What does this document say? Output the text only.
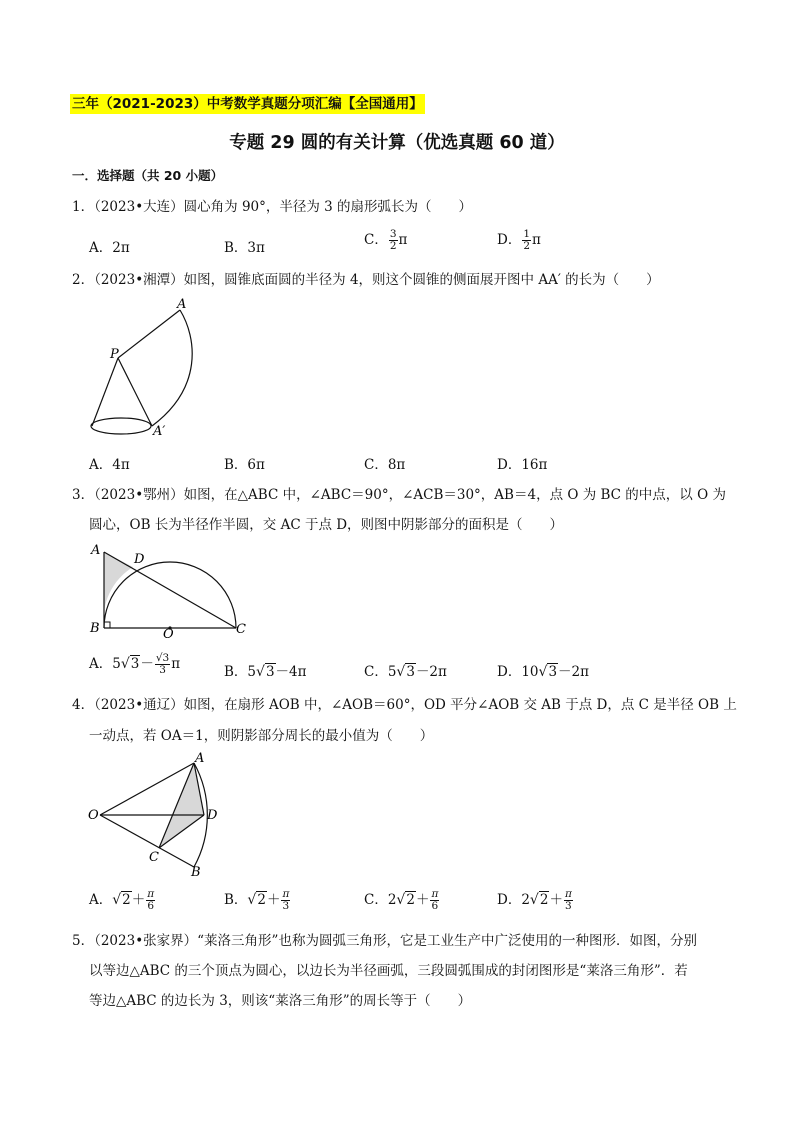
三年（2021-2023）中考数学真题分项汇编【全国通用】
专题 29 圆的有关计算（优选真题 60 道）
一．选择题（共 20 小题）
1．（2023•大连）圆心角为 90°，半径为 3 的扇形弧长为（　　）
A．2π	B．3π	C． $\frac{3}{2}$ π	D． $\frac{1}{2}$ π
2．（2023•湘潭）如图，圆锥底面圆的半径为 4，则这个圆锥的侧面展开图中 AA′ 的长为（　　）
A
P
A′
A．4π	B．6π	C．8π	D．16π
3．（2023•鄂州）如图，在△ABC 中，∠ABC＝90°，∠ACB＝30°，AB＝4，点 O 为 BC 的中点，以 O 为
圆心，OB 长为半径作半圆，交 AC 于点 D，则图中阴影部分的面积是（　　）
A
D
B	O	C
A．$5√3- \frac{√3}{3}$ π	B．5√3－4π	C．5√3－2π	D．10√3－2π
4．（2023•通辽）如图，在扇形 AOB 中，∠AOB＝60°，OD 平分∠AOB 交 AB 于点 D，点 C 是半径 OB 上
一动点，若 OA＝1，则阴影部分周长的最小值为（　　）
A
O	D
C
B
A．$√2+ \frac{\pi}{6}$	B．$√2+ \frac{\pi}{3}$	C．$2√2+ \frac{\pi}{6}$	D．$2√2+ \frac{\pi}{3}$
5．（2023•张家界）“莱洛三角形”也称为圆弧三角形，它是工业生产中广泛使用的一种图形．如图，分别
以等边△ABC 的三个顶点为圆心，以边长为半径画弧，三段圆弧围成的封闭图形是“莱洛三角形”．若
等边△ABC 的边长为 3，则该“莱洛三角形”的周长等于（　　）
